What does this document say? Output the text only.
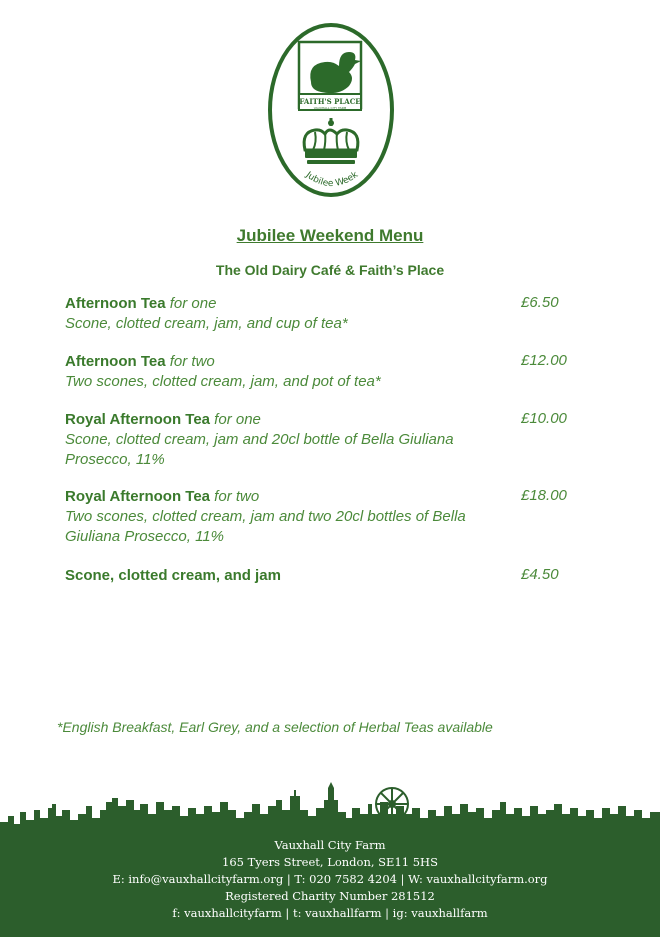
FAITH'S PLACE
VAUXHALL CITY FARM
Jubilee Week
Jubilee Weekend Menu
The Old Dairy Café & Faith’s Place
Afternoon Tea for one
Scone, clotted cream, jam, and cup of tea*
£6.50
Afternoon Tea for two
Two scones, clotted cream, jam, and pot of tea*
£12.00
Royal Afternoon Tea for one
Scone, clotted cream, jam and 20cl bottle of Bella Giuliana Prosecco, 11%
£10.00
Royal Afternoon Tea for two
Two scones, clotted cream, jam and two 20cl bottles of Bella Giuliana Prosecco, 11%
£18.00
Scone, clotted cream, and jam	£4.50
*English Breakfast, Earl Grey, and a selection of Herbal Teas available
Vauxhall City Farm
165 Tyers Street, London, SE11 5HS
E: info@vauxhallcityfarm.org | T: 020 7582 4204 | W: vauxhallcityfarm.org
Registered Charity Number 281512
f: vauxhallcityfarm | t: vauxhallfarm | ig: vauxhallfarm
